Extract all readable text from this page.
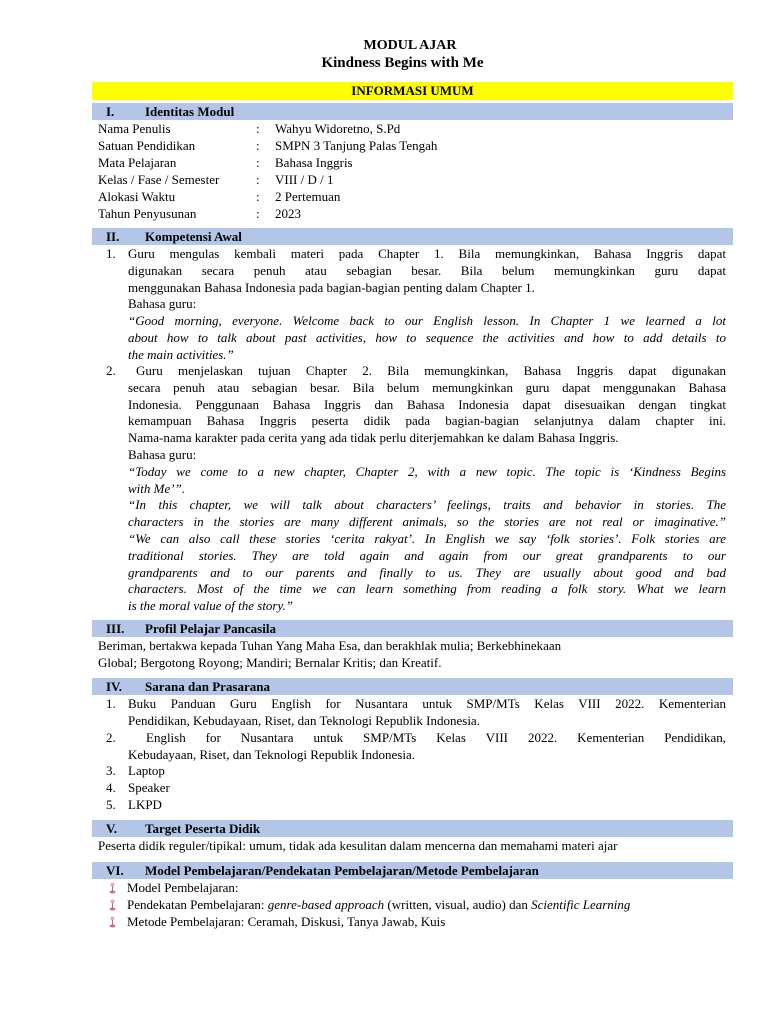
MODUL AJAR
Kindness Begins with Me
INFORMASI UMUM
I. Identitas Modul
Nama Penulis	: Wahyu Widoretno, S.Pd
Satuan Pendidikan	: SMPN 3 Tanjung Palas Tengah
Mata Pelajaran	: Bahasa Inggris
Kelas / Fase / Semester	: VIII / D / 1
Alokasi Waktu	: 2 Pertemuan
Tahun Penyusunan	: 2023
II. Kompetensi Awal
1. Guru mengulas kembali materi pada Chapter 1. Bila memungkinkan, Bahasa Inggris dapat
digunakan secara penuh atau sebagian besar. Bila belum memungkinkan guru dapat
menggunakan Bahasa Indonesia pada bagian-bagian penting dalam Chapter 1.
Bahasa guru:
“Good morning, everyone. Welcome back to our English lesson. In Chapter 1 we learned a lot
about how to talk about past activities, how to sequence the activities and how to add details to
the main activities.”
2.	Guru menjelaskan tujuan Chapter 2. Bila memungkinkan, Bahasa Inggris dapat digunakan
secara penuh atau sebagian besar. Bila belum memungkinkan guru dapat menggunakan Bahasa
Indonesia. Penggunaan Bahasa Inggris dan Bahasa Indonesia dapat disesuaikan dengan tingkat
kemampuan Bahasa Inggris peserta didik pada bagian-bagian selanjutnya dalam chapter ini.
Nama-nama karakter pada cerita yang ada tidak perlu diterjemahkan ke dalam Bahasa Inggris.
Bahasa guru:
“Today we come to a new chapter, Chapter 2, with a new topic. The topic is ‘Kindness Begins
with Me’”.
“In this chapter, we will talk about characters’ feelings, traits and behavior in stories. The
characters in the stories are many different animals, so the stories are not real or imaginative.”
“We can also call these stories ‘cerita rakyat’. In English we say ‘folk stories’. Folk stories are
traditional stories. They are told again and again from our great grandparents to our
grandparents and to our parents and finally to us. They are usually about good and bad
characters. Most of the time we can learn something from reading a folk story. What we learn
is the moral value of the story.”
III. Profil Pelajar Pancasila
Beriman, bertakwa kepada Tuhan Yang Maha Esa, dan berakhlak mulia; Berkebhinekaan
Global; Bergotong Royong; Mandiri; Bernalar Kritis; dan Kreatif.
IV. Sarana dan Prasarana
1. Buku Panduan Guru English for Nusantara untuk SMP/MTs Kelas VIII 2022. Kementerian
Pendidikan, Kebudayaan, Riset, dan Teknologi Republik Indonesia.
2.	English for Nusantara untuk SMP/MTs Kelas VIII 2022. Kementerian Pendidikan,
Kebudayaan, Riset, dan Teknologi Republik Indonesia.
3. Laptop
4. Speaker
5. LKPD
V. Target Peserta Didik
Peserta didik reguler/tipikal: umum, tidak ada kesulitan dalam mencerna dan memahami materi ajar
VI. Model Pembelajaran/Pendekatan Pembelajaran/Metode Pembelajaran
Model Pembelajaran:
Pendekatan Pembelajaran: genre-based approach (written, visual, audio) dan Scientific Learning
Metode Pembelajaran: Ceramah, Diskusi, Tanya Jawab, Kuis
